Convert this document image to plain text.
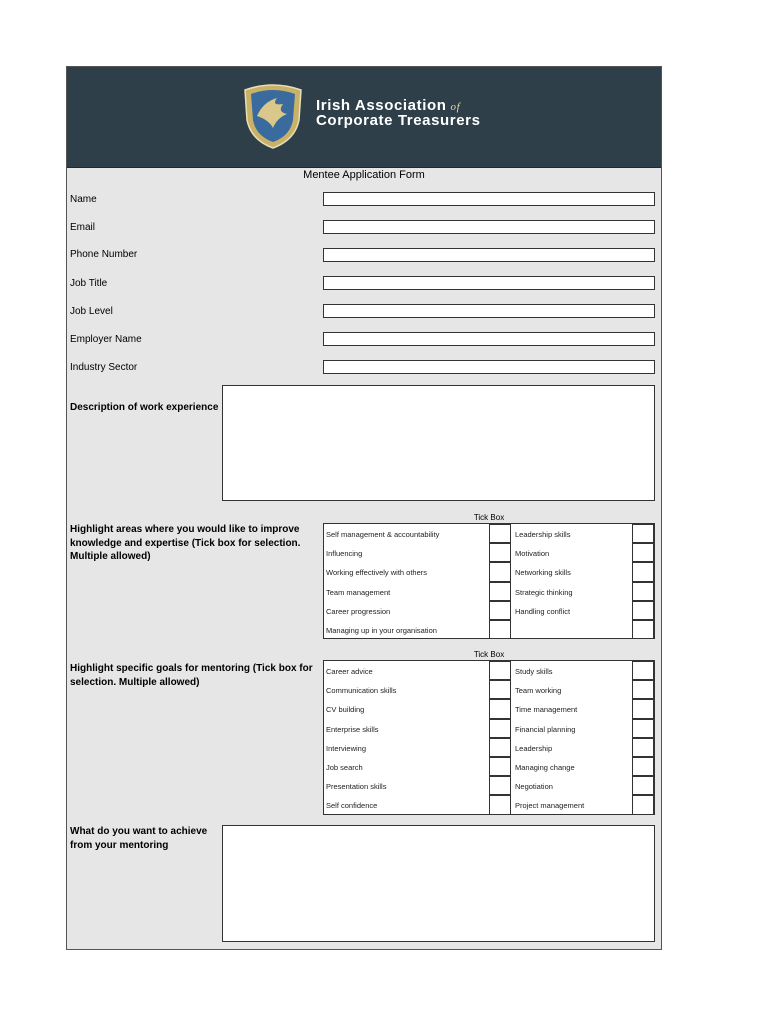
Irish Association of
Corporate Treasurers
Mentee Application Form
Name
Email
Phone Number
Job Title
Job Level
Employer Name
Industry Sector
Description of work experience
Highlight areas where you would like to improve knowledge and expertise (Tick box for selection. Multiple allowed)
Tick Box
Self management & accountability	Leadership skills
Influencing	Motivation
Working effectively with others	Networking skills
Team management	Strategic thinking
Career progression	Handling conflict
Managing up in your organisation
Highlight specific goals for mentoring (Tick box for selection. Multiple allowed)
Tick Box
Career advice	Study skills
Communication skills	Team working
CV building	Time management
Enterprise skills	Financial planning
Interviewing	Leadership
Job search	Managing change
Presentation skills	Negotiation
Self confidence	Project management
What do you want to achieve from your mentoring
